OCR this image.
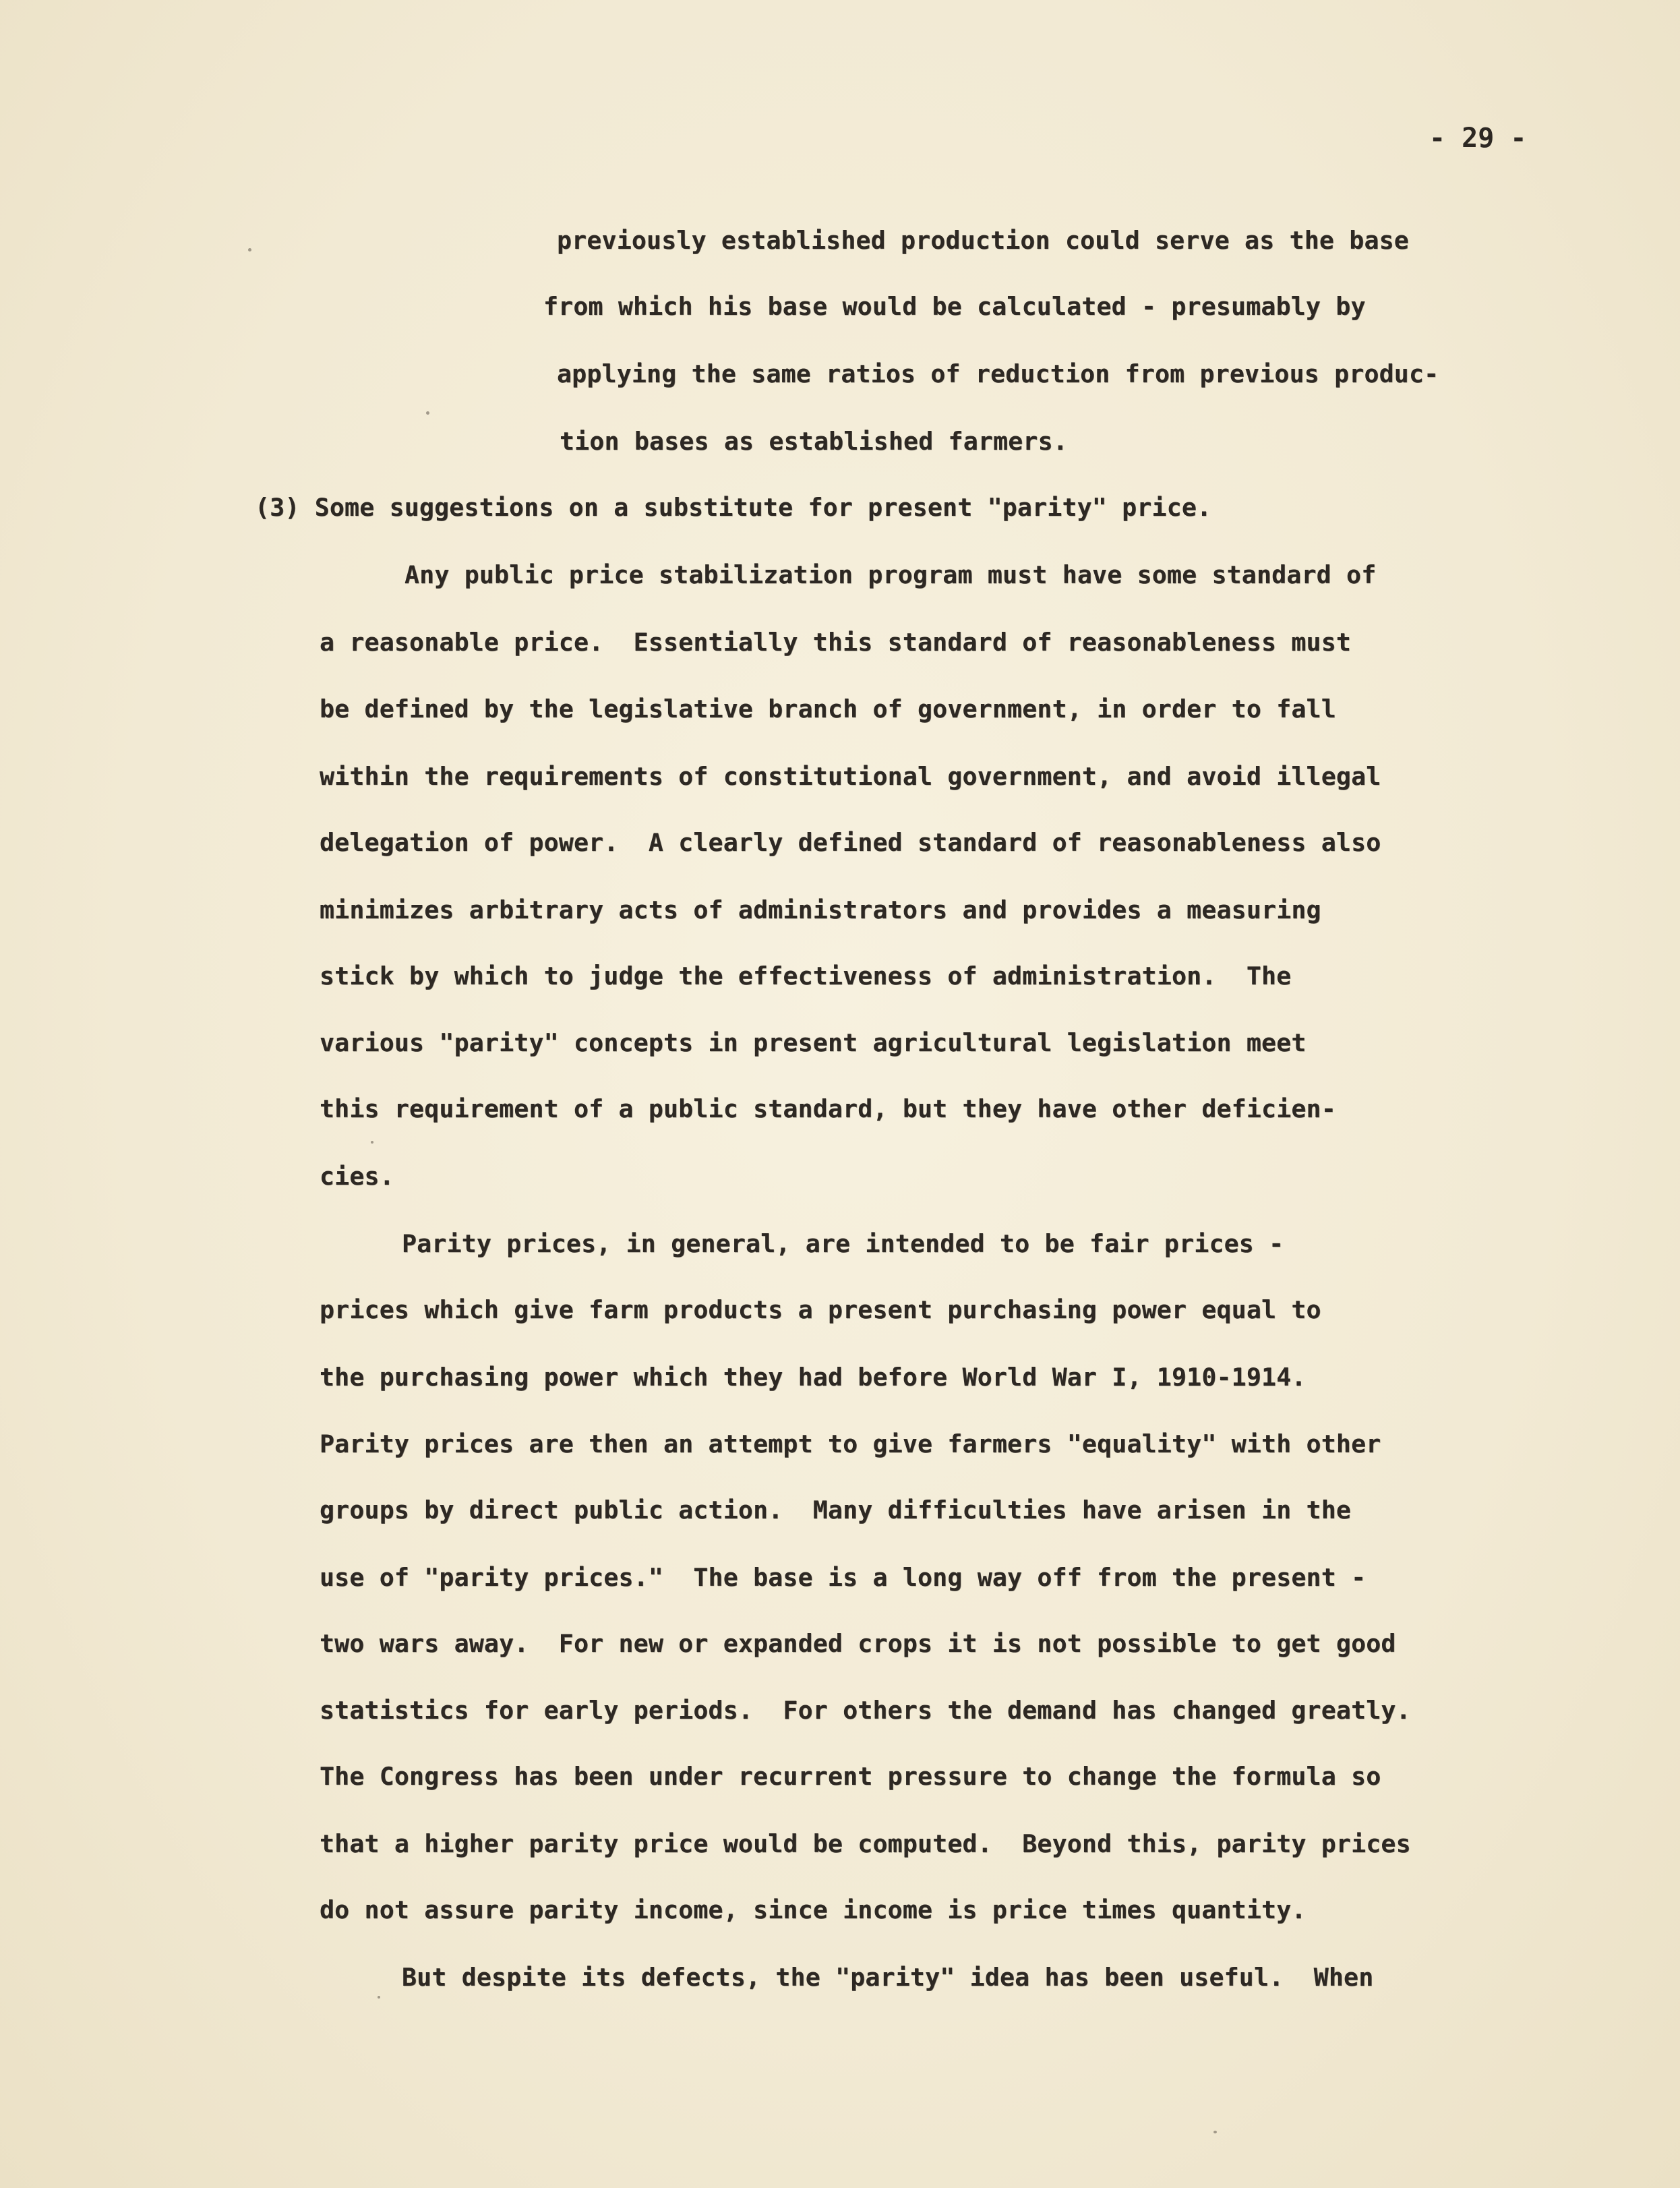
- 29 -
previously established production could serve as the base
from which his base would be calculated - presumably by
applying the same ratios of reduction from previous produc-
tion bases as established farmers.
(3) Some suggestions on a substitute for present "parity" price.
Any public price stabilization program must have some standard of
a reasonable price.  Essentially this standard of reasonableness must
be defined by the legislative branch of government, in order to fall
within the requirements of constitutional government, and avoid illegal
delegation of power.  A clearly defined standard of reasonableness also
minimizes arbitrary acts of administrators and provides a measuring
stick by which to judge the effectiveness of administration.  The
various "parity" concepts in present agricultural legislation meet
this requirement of a public standard, but they have other deficien-
cies.
Parity prices, in general, are intended to be fair prices -
prices which give farm products a present purchasing power equal to
the purchasing power which they had before World War I, 1910-1914.
Parity prices are then an attempt to give farmers "equality" with other
groups by direct public action.  Many difficulties have arisen in the
use of "parity prices."  The base is a long way off from the present -
two wars away.  For new or expanded crops it is not possible to get good
statistics for early periods.  For others the demand has changed greatly.
The Congress has been under recurrent pressure to change the formula so
that a higher parity price would be computed.  Beyond this, parity prices
do not assure parity income, since income is price times quantity.
But despite its defects, the "parity" idea has been useful.  When
